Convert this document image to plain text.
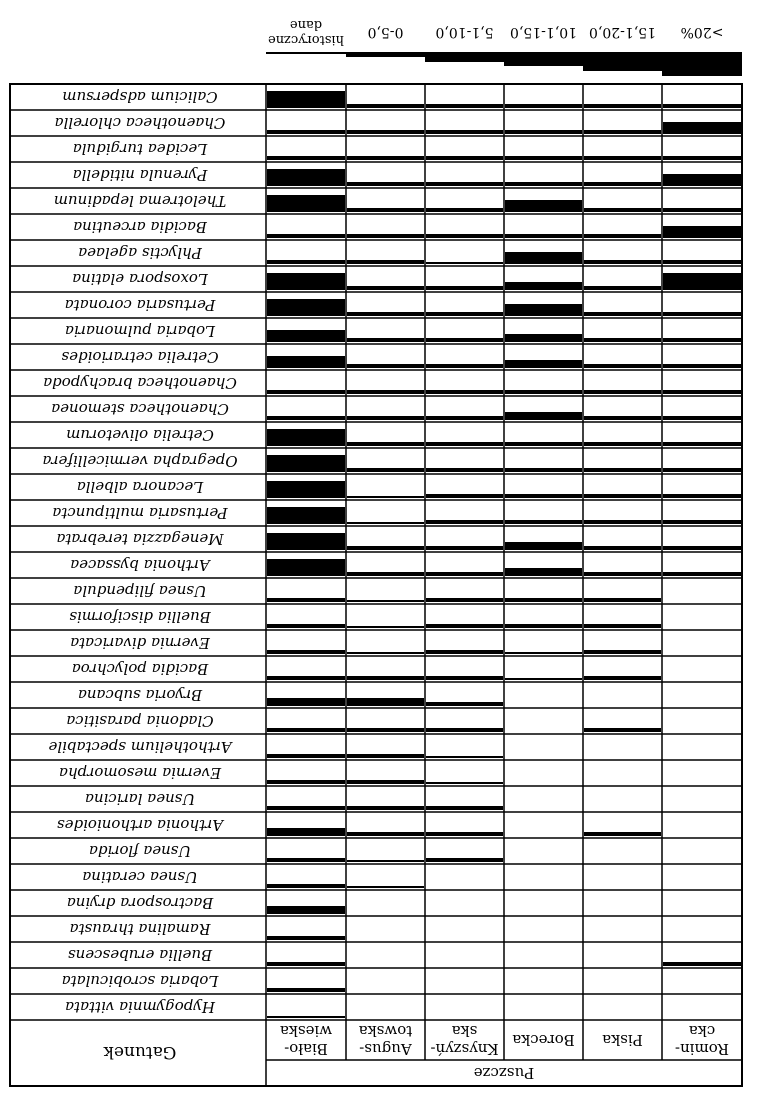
historyczne
dane	0-5,0 5,1-10,0 10,1-15,0 15,1-20,0 >20%
Calicium adspersum
Chaenotheca chlorella
Lecidea turgidula
Pyrenula nitidella
Thelotrema lepadinum
Bacidia arceutina
Phlyctis agelaea
Loxospora elatina
Pertusaria coronata
Lobaria pulmonaria
Cetrelia cetrarioides
Chaenotheca brachypoda
Chaenotheca stemonea
Cetrelia olivetorum
Opegrapha vermicellifera
Lecanora albella
Pertusaria multipuncta
Menegazzia terebrata
Arthonia byssacea
Usnea filipendula
Buellia disciformis
Evernia divaricata
Bacidia polychroa
Bryoria subcana
Cladonia parasitica
Arthothelium spectabile
Evernia mesomorpha
Usnea laricina
Arthonia arthonioides
Usnea florida
Usnea ceratina
Bactrospora dryina
Ramalina thrausta
Buellia erubescens
Lobaria scrobiculata
Hypogymnia vittata
Biało-
wieska
Augus-
towska
Knyszyń-
ska Borecka Piska Romin-
cka
Gatunek
Puszcze
